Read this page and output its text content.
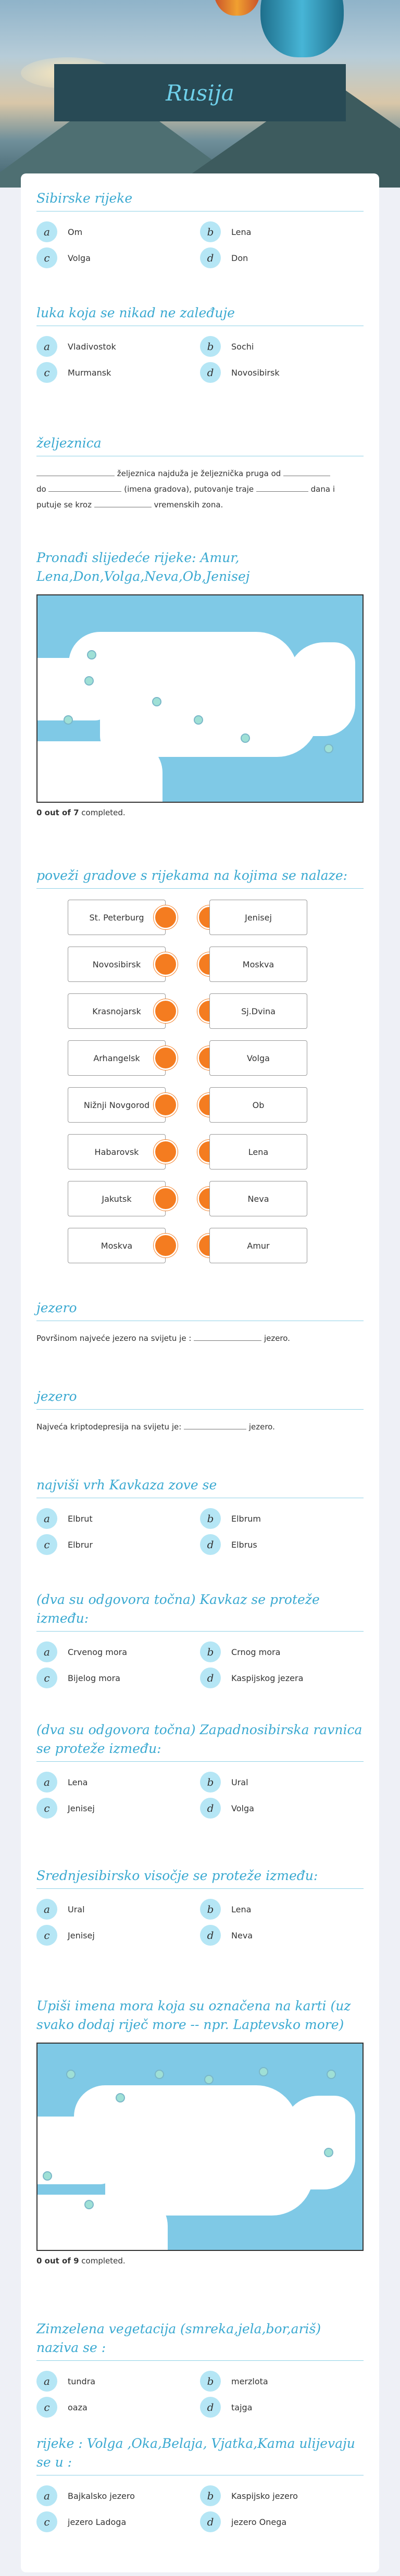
Rusija
Sibirske rijeke
a	Om	b	Lena
c	Volga	d	Don
luka koja se nikad ne zaleđuje
a	Vladivostok	b	Sochi
c	Murmansk	d	Novosibirsk
željeznica
željeznica najduža je željeznička pruga od
do	(imena gradova), putovanje traje	dana i
putuje se kroz	vremenskih zona.
Pronađi slijedeće rijeke: Amur, Lena,Don,Volga,Neva,Ob,Jenisej
0 out of 7 completed.
poveži gradove s rijekama na kojima se nalaze:
St. Peterburg	Jenisej
Novosibirsk	Moskva
Krasnojarsk	Sj.Dvina
Arhangelsk	Volga
Nižnji Novgorod	Ob
Habarovsk	Lena
Jakutsk	Neva
Moskva	Amur
jezero
Površinom najveće jezero na svijetu je :	jezero.
jezero
Najveća kriptodepresija na svijetu je:	jezero.
najviši vrh Kavkaza zove se
a	Elbrut	b	Elbrum
c	Elbrur	d	Elbrus
(dva su odgovora točna) Kavkaz se proteže između:
a	Crvenog mora	b	Crnog mora
c	Bijelog mora	d	Kaspijskog jezera
(dva su odgovora točna) Zapadnosibirska ravnica se proteže između:
a	Lena	b	Ural
c	Jenisej	d	Volga
Srednjesibirsko visočje se proteže između:
a	Ural	b	Lena
c	Jenisej	d	Neva
Upiši imena mora koja su označena na karti (uz svako dodaj riječ more -- npr. Laptevsko more)
0 out of 9 completed.
Zimzelena vegetacija (smreka,jela,bor,ariš) naziva se :
a	tundra	b	merzlota
c	oaza	d	tajga
rijeke : Volga ,Oka,Belaja, Vjatka,Kama ulijevaju se u :
a	Bajkalsko jezero	b	Kaspijsko jezero
c	jezero Ladoga	d	jezero Onega
